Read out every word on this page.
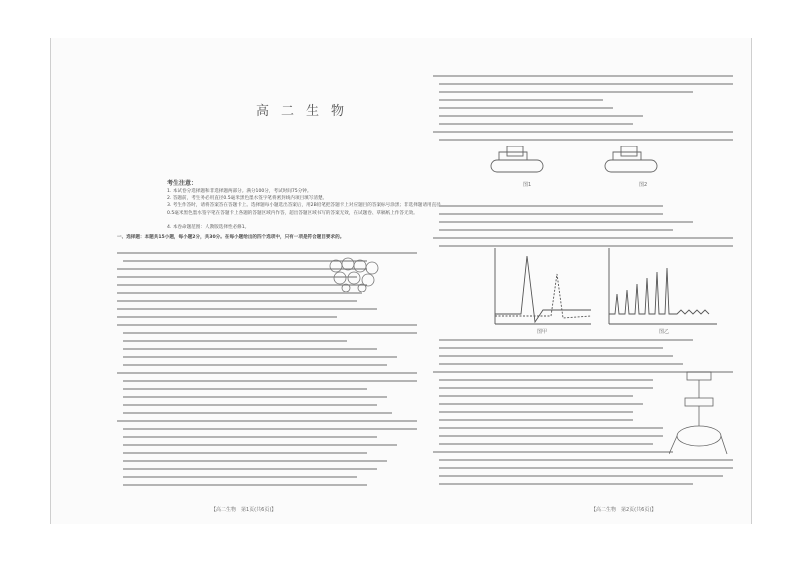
高二生物
考生注意：
1. 本试卷分选择题和非选择题两部分。满分100分，考试时间75分钟。
2. 答题前，考生务必用直径0.5毫米黑色墨水签字笔将密封线内项目填写清楚。
3. 考生作答时，请将答案答在答题卡上。选择题每小题选出答案后，用2B铅笔把答题卡上对应题目的答案标号涂黑；非选择题请用直径0.5毫米黑色墨水签字笔在答题卡上各题的答题区域内作答，超出答题区域书写的答案无效，在试题卷、草稿纸上作答无效。
4. 本卷命题范围：人教版选择性必修1。
一、选择题：本题共15小题，每小题2分，共30分。在每小题给出的四个选项中，只有一项是符合题目要求的。
【高二生物　第1页(共6页)】
图1	图2
图甲	图乙
【高二生物　第2页(共6页)】
